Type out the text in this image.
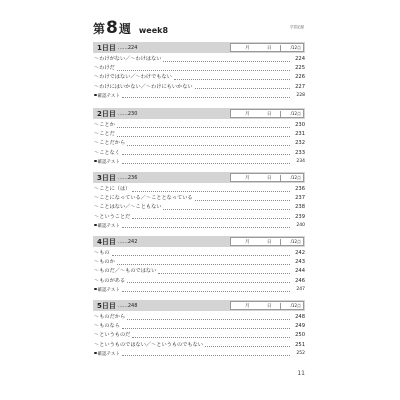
第8週 week8	学習記録
1日目 ……224	月	日	/12点
〜わけがない／〜わけはない	224
〜わけだ	225
〜わけではない／〜わけでもない	226
〜わけにはいかない／〜わけにもいかない	227
確認テスト	228
2日目 ……230	月	日	/12点
〜ことか	230
〜ことだ	231
〜ことだから	232
〜ことなく	233
確認テスト	234
3日目 ……236	月	日	/12点
〜ことに（は）	236
〜ことになっている／〜こととなっている	237
〜ことはない／〜こともない	238
〜ということだ	239
確認テスト	240
4日目 ……242	月	日	/12点
〜もの	242
〜ものか	243
〜ものだ／〜ものではない	244
〜ものがある	246
確認テスト	247
5日目 ……248	月	日	/12点
〜ものだから	248
〜ものなら	249
〜というものだ	250
〜というものではない／〜というものでもない	251
確認テスト	252
11
